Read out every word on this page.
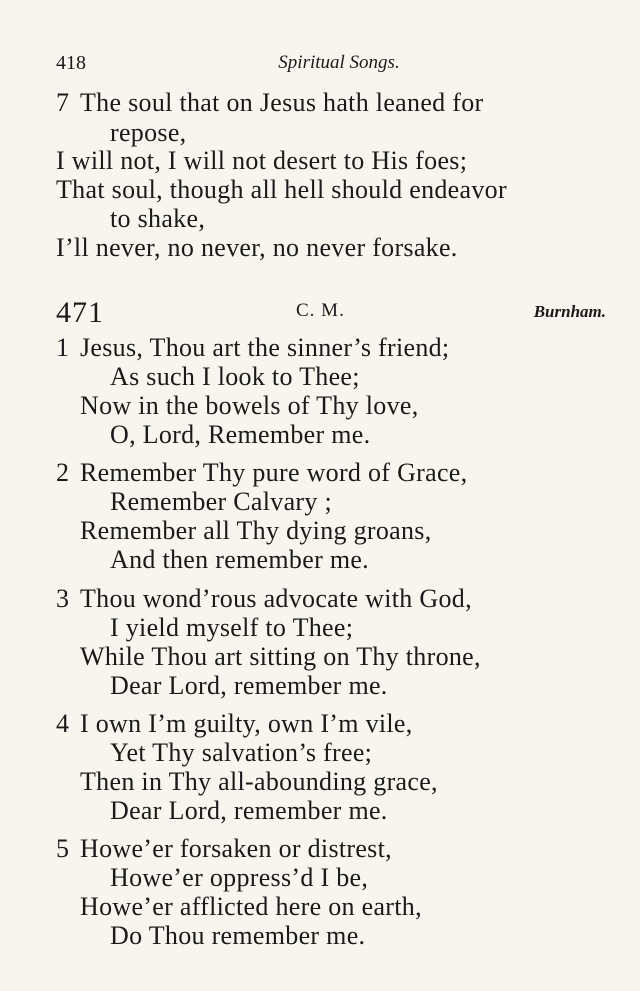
418	Spiritual Songs.
7 The soul that on Jesus hath leaned for
repose,
I will not, I will not desert to His foes;
That soul, though all hell should endeavor
to shake,
I’ll never, no never, no never forsake.
471	C. M.	Burnham.
1 Jesus, Thou art the sinner’s friend;
As such I look to Thee;
Now in the bowels of Thy love,
O, Lord, Remember me.
2 Remember Thy pure word of Grace,
Remember Calvary ;
Remember all Thy dying groans,
And then remember me.
3 Thou wond’rous advocate with God,
I yield myself to Thee;
While Thou art sitting on Thy throne,
Dear Lord, remember me.
4 I own I’m guilty, own I’m vile,
Yet Thy salvation’s free;
Then in Thy all-abounding grace,
Dear Lord, remember me.
5 Howe’er forsaken or distrest,
Howe’er oppress’d I be,
Howe’er afflicted here on earth,
Do Thou remember me.
